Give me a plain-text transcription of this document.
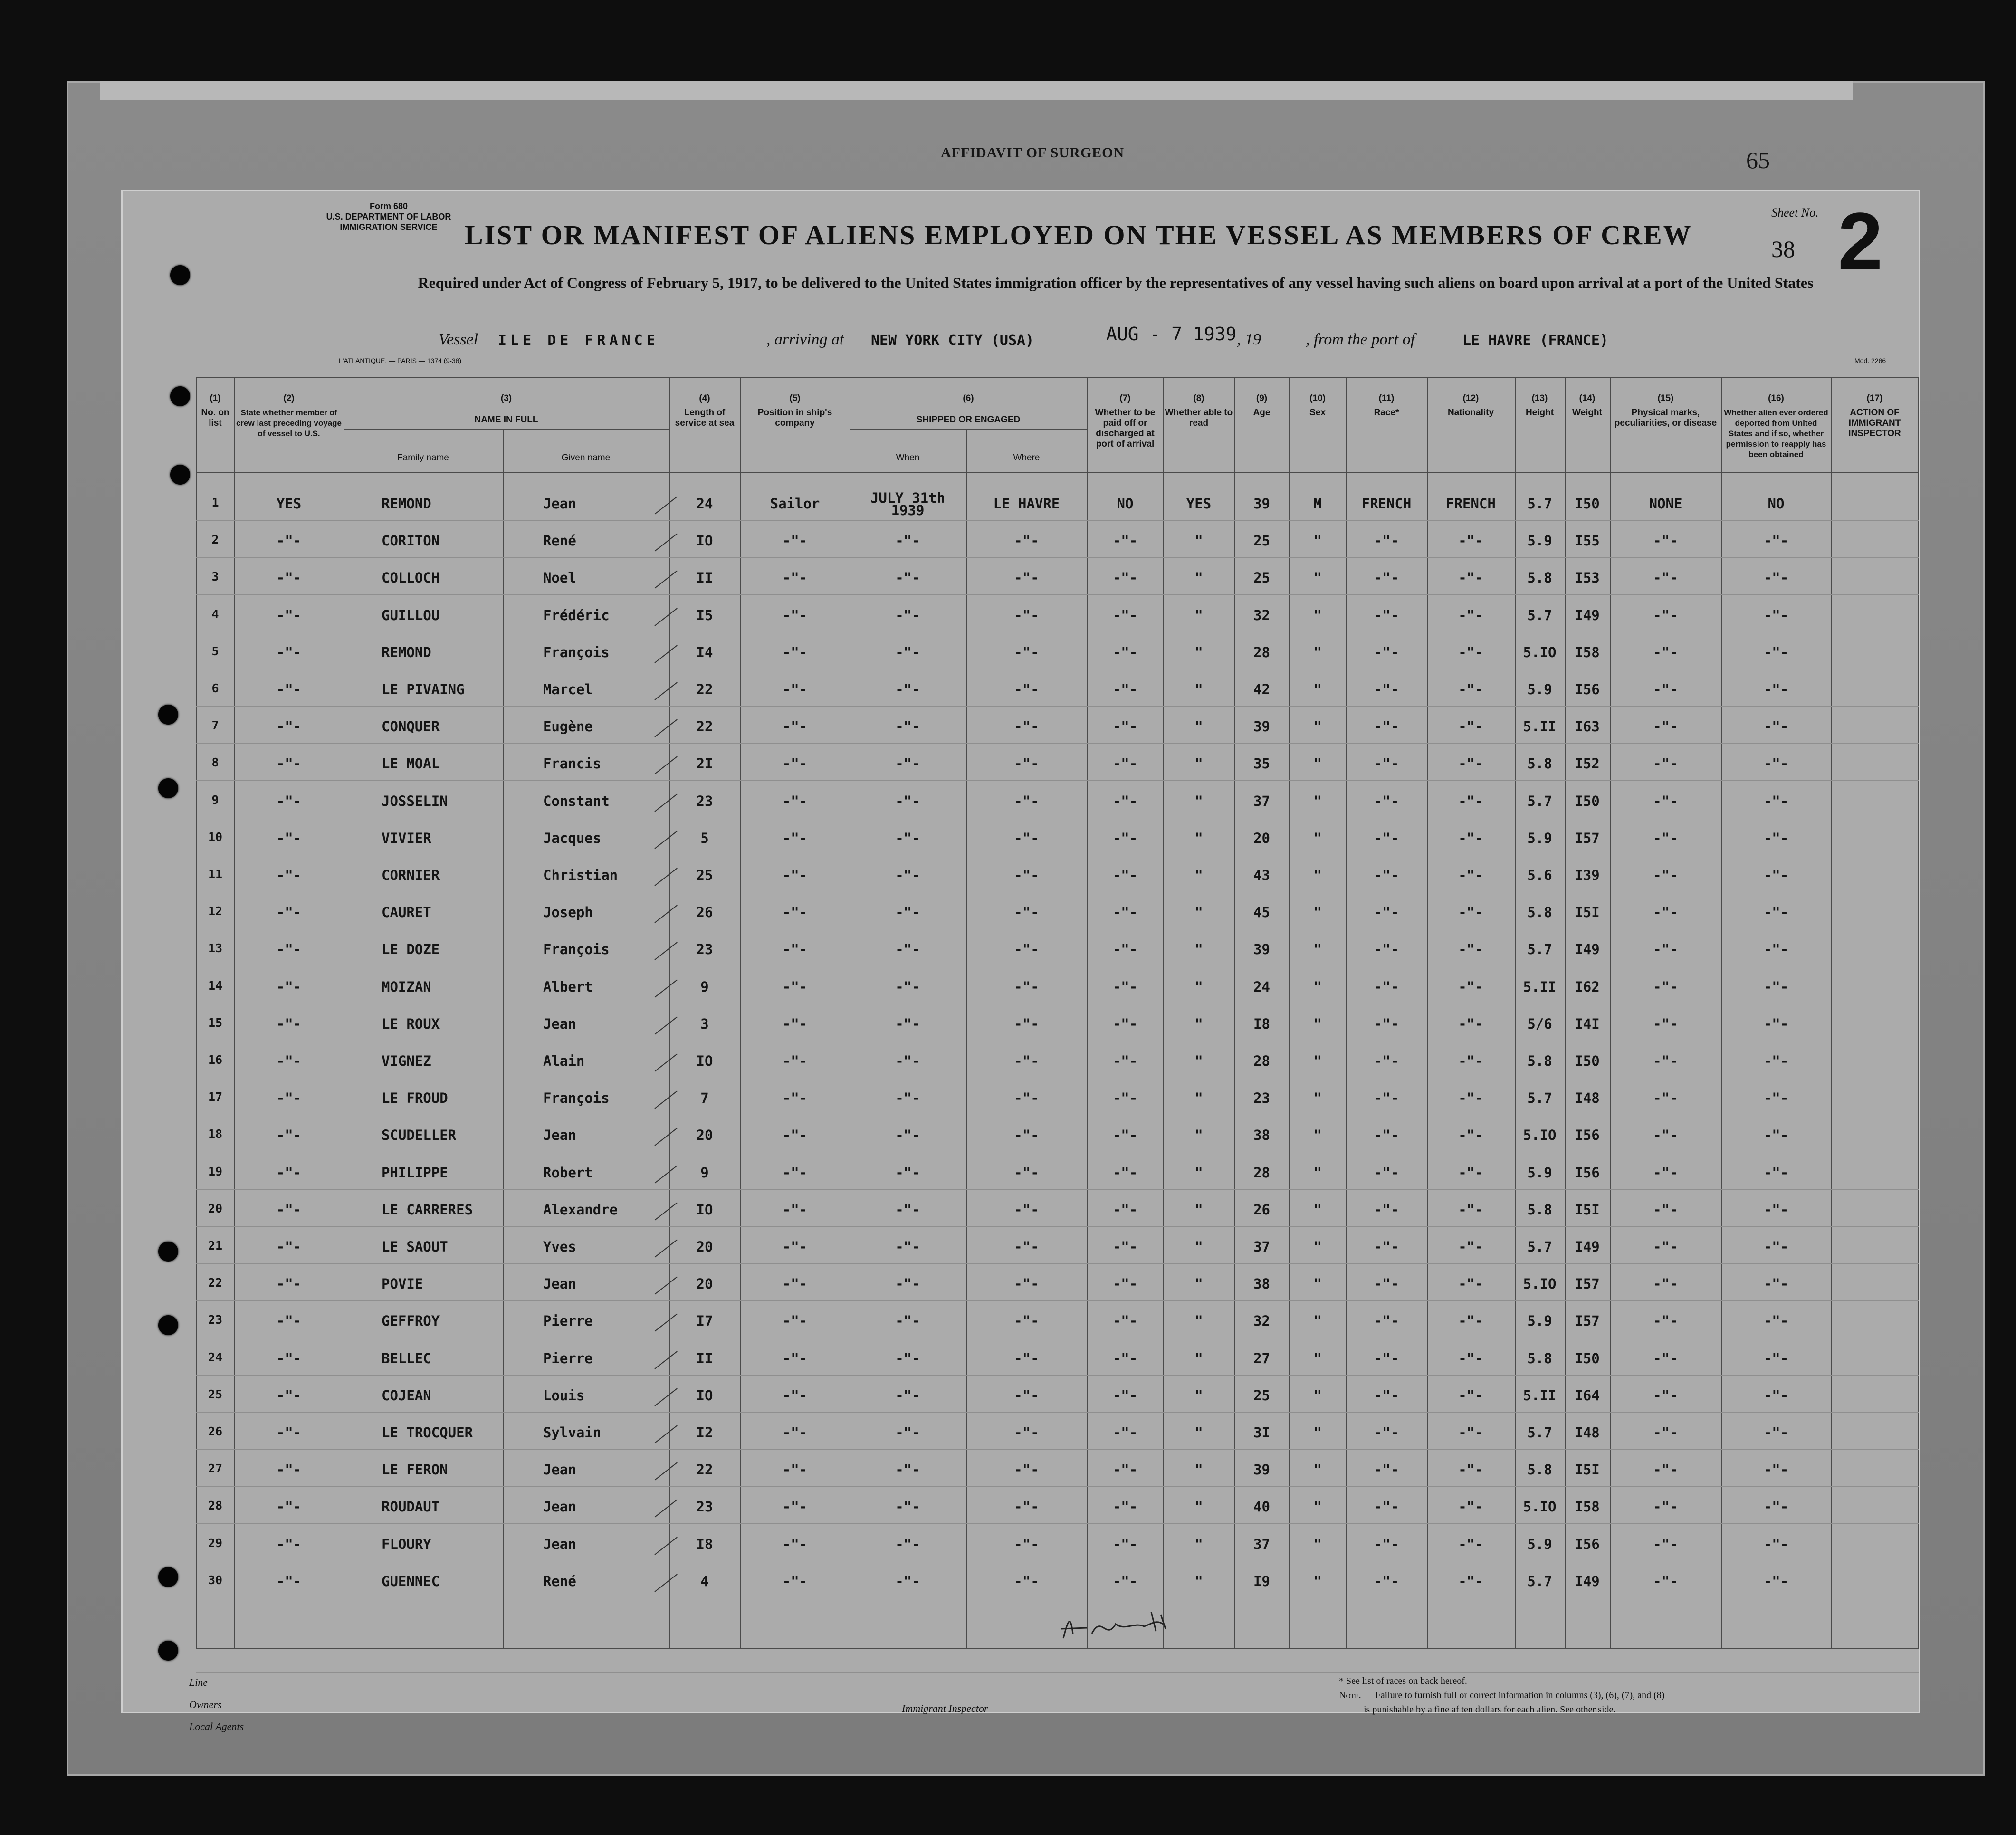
AFFIDAVIT OF SURGEON	65
Form 680
U.S. DEPARTMENT OF LABOR
IMMIGRATION SERVICE LIST OR MANIFEST OF ALIENS EMPLOYED ON THE VESSEL AS MEMBERS OF CREW
Required under Act of Congress of February 5, 1917, to be delivered to the United States immigration officer by the representatives of any vessel having such aliens on board upon arrival at a port of the United States
Sheet No.
38 2
Vessel ILE DE FRANCE	, arriving at NEW YORK CITY (USA)	AUG - 7 1939 , 19	, from the port of	LE HAVRE (FRANCE)
L'ATLANTIQUE. — PARIS — 1374 (9-38)	Mod. 2286
(1)
No. on list
(2)
State whether member of crew last preceding voyage of vessel to U.S.
(3)
NAME IN FULL
Family name	Given name
(4)
Length of service at sea
(5)
Position in ship's company
(6)
SHIPPED OR ENGAGED
When	Where
(7)
Whether to be paid off or discharged at port of arrival
(8)
Whether able to read
(9)
Age
(10)
Sex
(11)
Race*
(12)
Nationality
(13)
Height
(14)
Weight
(15)
Physical marks, peculiarities, or disease
(16)
Whether alien ever ordered deported from United States and if so, whether permission to reapply has been obtained
(17)
ACTION OF IMMIGRANT INSPECTOR
1	YES	REMOND	Jean	24	Sailor	JULY 31th
1939	LE HAVRE	NO	YES	39	M	FRENCH	FRENCH	5.7	I50	NONE	NO
2	-"-	CORITON	René	IO	-"-	-"-	-"-	-"-	"	25	"	-"-	-"-	5.9	I55	-"-	-"-
3	-"-	COLLOCH	Noel	II	-"-	-"-	-"-	-"-	"	25	"	-"-	-"-	5.8	I53	-"-	-"-
4	-"-	GUILLOU	Frédéric	I5	-"-	-"-	-"-	-"-	"	32	"	-"-	-"-	5.7	I49	-"-	-"-
5	-"-	REMOND	François	I4	-"-	-"-	-"-	-"-	"	28	"	-"-	-"-	5.IO	I58	-"-	-"-
6	-"-	LE PIVAING	Marcel	22	-"-	-"-	-"-	-"-	"	42	"	-"-	-"-	5.9	I56	-"-	-"-
7	-"-	CONQUER	Eugène	22	-"-	-"-	-"-	-"-	"	39	"	-"-	-"-	5.II	I63	-"-	-"-
8	-"-	LE MOAL	Francis	2I	-"-	-"-	-"-	-"-	"	35	"	-"-	-"-	5.8	I52	-"-	-"-
9	-"-	JOSSELIN	Constant	23	-"-	-"-	-"-	-"-	"	37	"	-"-	-"-	5.7	I50	-"-	-"-
10	-"-	VIVIER	Jacques	5	-"-	-"-	-"-	-"-	"	20	"	-"-	-"-	5.9	I57	-"-	-"-
11	-"-	CORNIER	Christian	25	-"-	-"-	-"-	-"-	"	43	"	-"-	-"-	5.6	I39	-"-	-"-
12	-"-	CAURET	Joseph	26	-"-	-"-	-"-	-"-	"	45	"	-"-	-"-	5.8	I5I	-"-	-"-
13	-"-	LE DOZE	François	23	-"-	-"-	-"-	-"-	"	39	"	-"-	-"-	5.7	I49	-"-	-"-
14	-"-	MOIZAN	Albert	9	-"-	-"-	-"-	-"-	"	24	"	-"-	-"-	5.II	I62	-"-	-"-
15	-"-	LE ROUX	Jean	3	-"-	-"-	-"-	-"-	"	I8	"	-"-	-"-	5/6	I4I	-"-	-"-
16	-"-	VIGNEZ	Alain	IO	-"-	-"-	-"-	-"-	"	28	"	-"-	-"-	5.8	I50	-"-	-"-
17	-"-	LE FROUD	François	7	-"-	-"-	-"-	-"-	"	23	"	-"-	-"-	5.7	I48	-"-	-"-
18	-"-	SCUDELLER	Jean	20	-"-	-"-	-"-	-"-	"	38	"	-"-	-"-	5.IO	I56	-"-	-"-
19	-"-	PHILIPPE	Robert	9	-"-	-"-	-"-	-"-	"	28	"	-"-	-"-	5.9	I56	-"-	-"-
20	-"-	LE CARRERES	Alexandre	IO	-"-	-"-	-"-	-"-	"	26	"	-"-	-"-	5.8	I5I	-"-	-"-
21	-"-	LE SAOUT	Yves	20	-"-	-"-	-"-	-"-	"	37	"	-"-	-"-	5.7	I49	-"-	-"-
22	-"-	POVIE	Jean	20	-"-	-"-	-"-	-"-	"	38	"	-"-	-"-	5.IO	I57	-"-	-"-
23	-"-	GEFFROY	Pierre	I7	-"-	-"-	-"-	-"-	"	32	"	-"-	-"-	5.9	I57	-"-	-"-
24	-"-	BELLEC	Pierre	II	-"-	-"-	-"-	-"-	"	27	"	-"-	-"-	5.8	I50	-"-	-"-
25	-"-	COJEAN	Louis	IO	-"-	-"-	-"-	-"-	"	25	"	-"-	-"-	5.II	I64	-"-	-"-
26	-"-	LE TROCQUER	Sylvain	I2	-"-	-"-	-"-	-"-	"	3I	"	-"-	-"-	5.7	I48	-"-	-"-
27	-"-	LE FERON	Jean	22	-"-	-"-	-"-	-"-	"	39	"	-"-	-"-	5.8	I5I	-"-	-"-
28	-"-	ROUDAUT	Jean	23	-"-	-"-	-"-	-"-	"	40	"	-"-	-"-	5.IO	I58	-"-	-"-
29	-"-	FLOURY	Jean	I8	-"-	-"-	-"-	-"-	"	37	"	-"-	-"-	5.9	I56	-"-	-"-
30	-"-	GUENNEC	René	4	-"-	-"-	-"-	-"-	"	I9	"	-"-	-"-	5.7	I49	-"-	-"-
Line
Owners
Local Agents
Immigrant Inspector
* See list of races on back hereof.
Note. — Failure to furnish full or correct information in columns (3), (6), (7), and (8)
is punishable by a fine af ten dollars for each alien. See other side.
